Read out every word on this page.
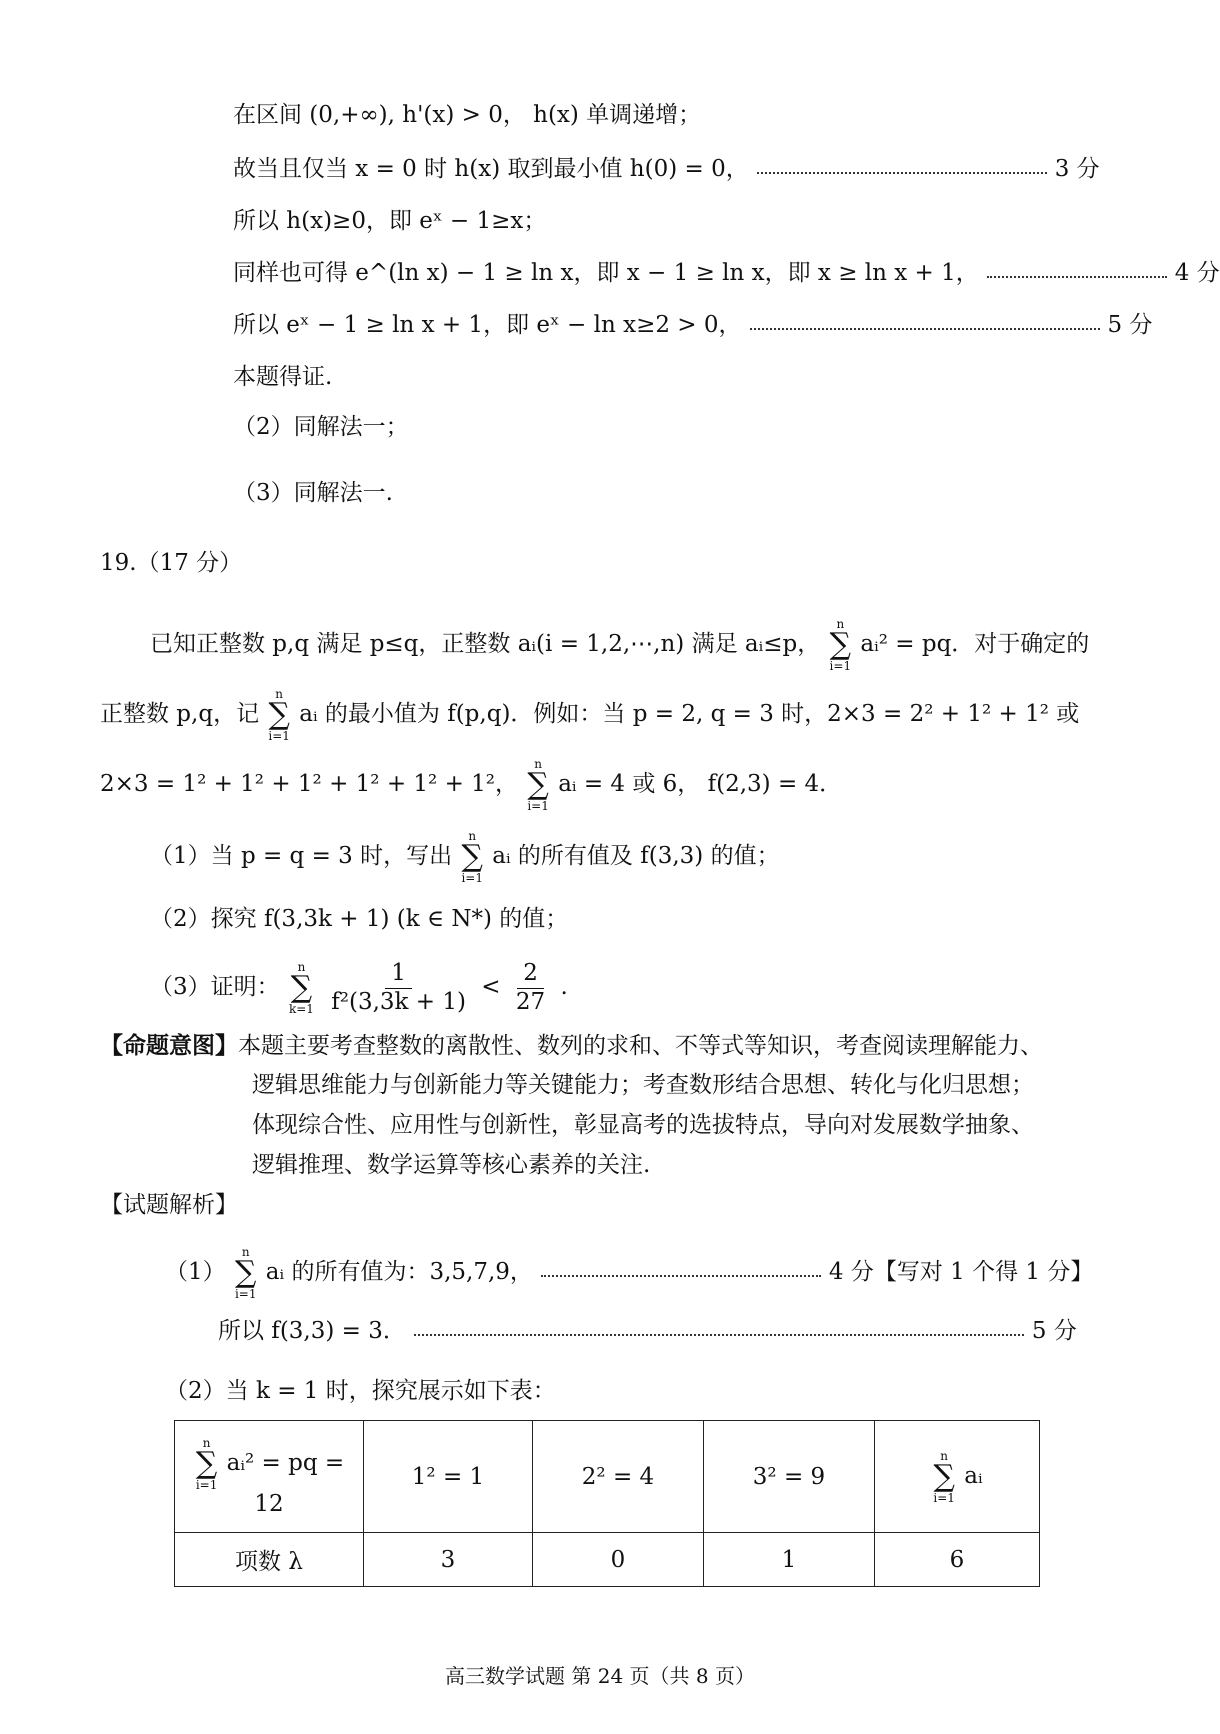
在区间 (0,+∞), h'(x) > 0， h(x) 单调递增；
故当且仅当 x = 0 时 h(x) 取到最小值 h(0) = 0，	3 分
所以 h(x)≥0，即 eˣ − 1≥x；
同样也可得 e^(ln x) − 1 ≥ ln x，即 x − 1 ≥ ln x，即 x ≥ ln x + 1，	4 分
所以 eˣ − 1 ≥ ln x + 1，即 eˣ − ln x≥2 > 0，	5 分
本题得证.
（2）同解法一；
（3）同解法一.
19.（17 分）
已知正整数 p,q 满足 p≤q，正整数 aᵢ(i = 1,2,⋯,n) 满足 aᵢ≤p，
n
∑
i=1
aᵢ² = pq．对于确定的
正整数 p,q，记
n
∑
i=1
aᵢ 的最小值为 f(p,q)．例如：当 p = 2, q = 3 时，2×3 = 2² + 1² + 1² 或
2×3 = 1² + 1² + 1² + 1² + 1² + 1²，
n
∑
i=1
aᵢ = 4 或 6， f(2,3) = 4．
（1）当 p = q = 3 时，写出
n
∑
i=1
aᵢ 的所有值及 f(3,3) 的值；
（2）探究 f(3,3k + 1) (k ∈ N*) 的值；
（3）证明：
n
∑
k=1
$\frac{1}{\text{f²(3,3k + 1)}} < \frac{2}{27}$ .
【命题意图】本题主要考查整数的离散性、数列的求和、不等式等知识，考查阅读理解能力、
逻辑思维能力与创新能力等关键能力；考查数形结合思想、转化与化归思想；
体现综合性、应用性与创新性，彰显高考的选拔特点，导向对发展数学抽象、
逻辑推理、数学运算等核心素养的关注.
【试题解析】
（1）
n
∑
i=1
aᵢ 的所有值为：3,5,7,9，	4 分【写对 1 个得 1 分】
所以 f(3,3) = 3．	5 分
（2）当 k = 1 时，探究展示如下表：
n
∑
i=1
aᵢ² = pq = 12	1² = 1	2² = 4	3² = 9	n
∑
i=1
aᵢ
项数 λ	3	0	1	6
高三数学试题 第 24 页（共 8 页）
